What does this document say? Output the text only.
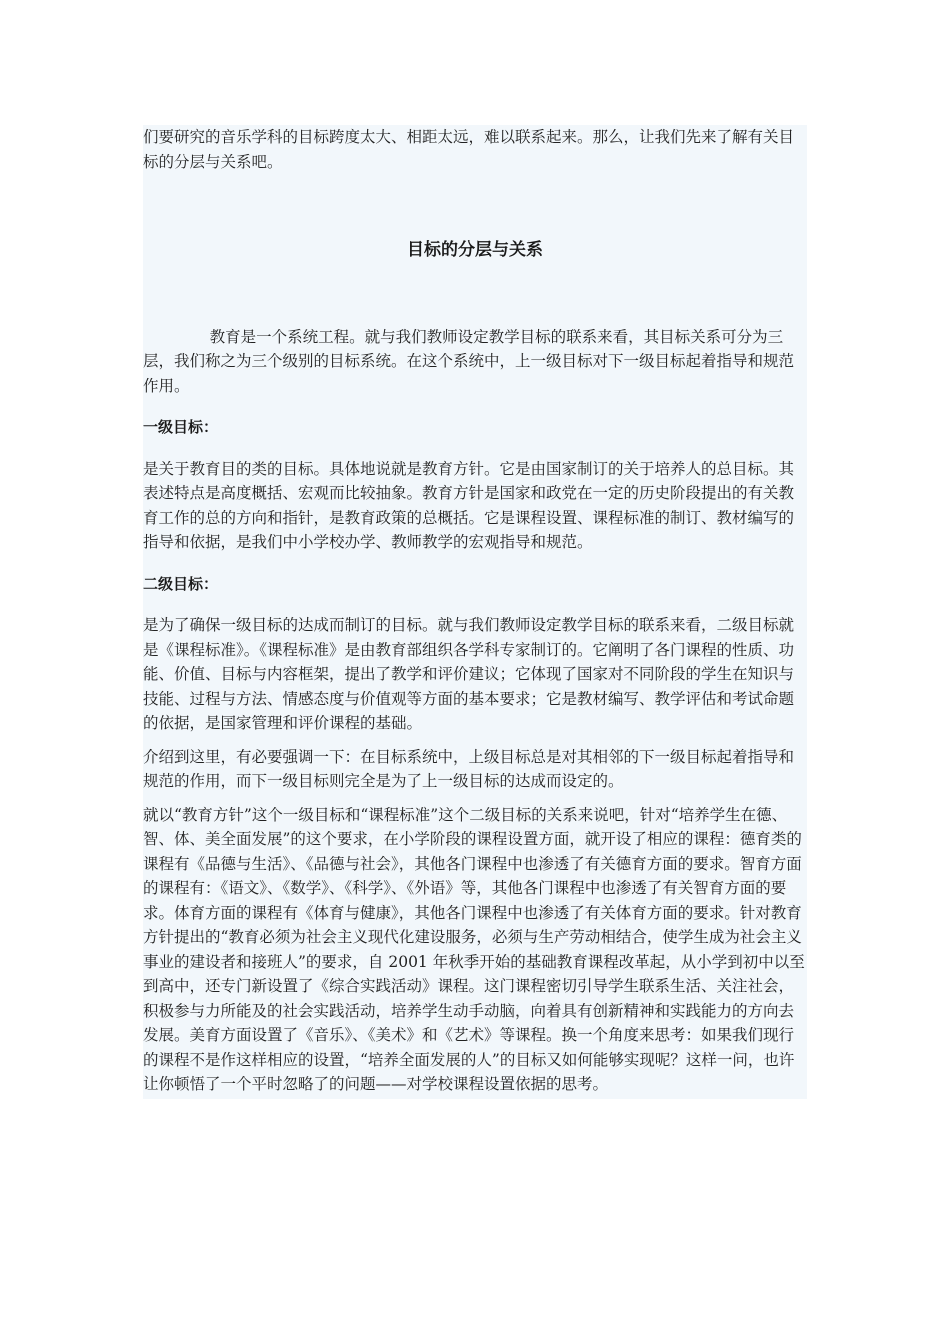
们要研究的音乐学科的目标跨度太大、相距太远，难以联系起来。那么，让我们先来了解有关目标的分层与关系吧。

目标的分层与关系

教育是一个系统工程。就与我们教师设定教学目标的联系来看，其目标关系可分为三层，我们称之为三个级别的目标系统。在这个系统中，上一级目标对下一级目标起着指导和规范作用。

一级目标：

是关于教育目的类的目标。具体地说就是教育方针。它是由国家制订的关于培养人的总目标。其表述特点是高度概括、宏观而比较抽象。教育方针是国家和政党在一定的历史阶段提出的有关教育工作的总的方向和指针，是教育政策的总概括。它是课程设置、课程标准的制订、教材编写的指导和依据，是我们中小学校办学、教师教学的宏观指导和规范。

二级目标：

是为了确保一级目标的达成而制订的目标。就与我们教师设定教学目标的联系来看，二级目标就是《课程标准》。《课程标准》是由教育部组织各学科专家制订的。它阐明了各门课程的性质、功能、价值、目标与内容框架，提出了教学和评价建议；它体现了国家对不同阶段的学生在知识与技能、过程与方法、情感态度与价值观等方面的基本要求；它是教材编写、教学评估和考试命题的依据，是国家管理和评价课程的基础。

介绍到这里，有必要强调一下：在目标系统中，上级目标总是对其相邻的下一级目标起着指导和规范的作用，而下一级目标则完全是为了上一级目标的达成而设定的。

就以“教育方针”这个一级目标和“课程标准”这个二级目标的关系来说吧，针对“培养学生在德、智、体、美全面发展”的这个要求，在小学阶段的课程设置方面，就开设了相应的课程：德育类的课程有《品德与生活》、《品德与社会》，其他各门课程中也渗透了有关德育方面的要求。智育方面的课程有：《语文》、《数学》、《科学》、《外语》等，其他各门课程中也渗透了有关智育方面的要求。体育方面的课程有《体育与健康》，其他各门课程中也渗透了有关体育方面的要求。针对教育方针提出的“教育必须为社会主义现代化建设服务，必须与生产劳动相结合，使学生成为社会主义事业的建设者和接班人”的要求，自 2001 年秋季开始的基础教育课程改革起，从小学到初中以至到高中，还专门新设置了《综合实践活动》课程。这门课程密切引导学生联系生活、关注社会，积极参与力所能及的社会实践活动，培养学生动手动脑，向着具有创新精神和实践能力的方向去发展。美育方面设置了《音乐》、《美术》和《艺术》等课程。换一个角度来思考：如果我们现行的课程不是作这样相应的设置，“培养全面发展的人”的目标又如何能够实现呢？这样一问，也许让你顿悟了一个平时忽略了的问题——对学校课程设置依据的思考。
